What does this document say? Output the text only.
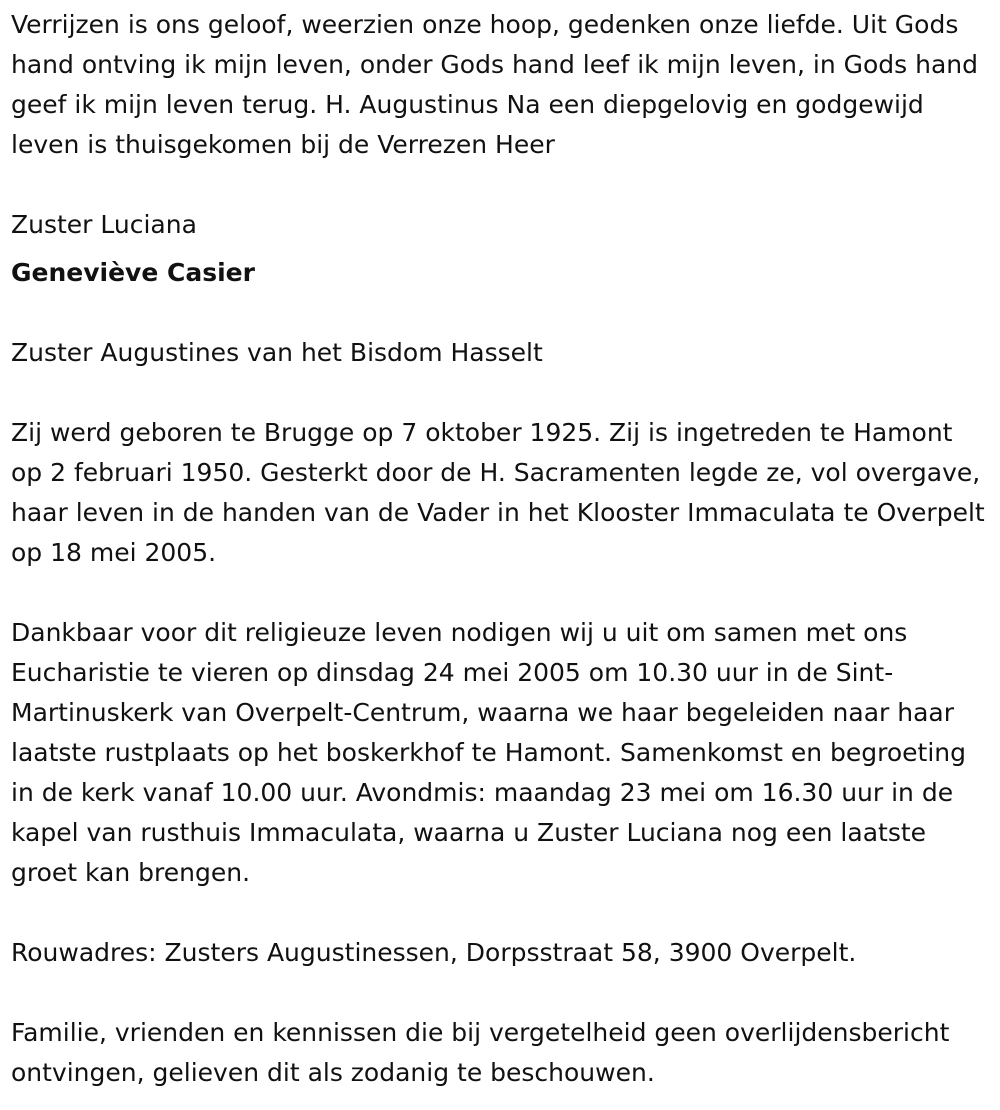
Verrijzen is ons geloof, weerzien onze hoop, gedenken onze liefde. Uit Gods hand ontving ik mijn leven, onder Gods hand leef ik mijn leven, in Gods hand geef ik mijn leven terug. H. Augustinus Na een diepgelovig en godgewijd leven is thuisgekomen bij de Verrezen Heer

Zuster Luciana

Geneviève Casier

Zuster Augustines van het Bisdom Hasselt

Zij werd geboren te Brugge op 7 oktober 1925. Zij is ingetreden te Hamont op 2 februari 1950. Gesterkt door de H. Sacramenten legde ze, vol overgave, haar leven in de handen van de Vader in het Klooster Immaculata te Overpelt op 18 mei 2005.

Dankbaar voor dit religieuze leven nodigen wij u uit om samen met ons Eucharistie te vieren op dinsdag 24 mei 2005 om 10.30 uur in de Sint-Martinuskerk van Overpelt-Centrum, waarna we haar begeleiden naar haar laatste rustplaats op het boskerkhof te Hamont. Samenkomst en begroeting in de kerk vanaf 10.00 uur. Avondmis: maandag 23 mei om 16.30 uur in de kapel van rusthuis Immaculata, waarna u Zuster Luciana nog een laatste groet kan brengen.

Rouwadres: Zusters Augustinessen, Dorpsstraat 58, 3900 Overpelt.

Familie, vrienden en kennissen die bij vergetelheid geen overlijdensbericht ontvingen, gelieven dit als zodanig te beschouwen.
